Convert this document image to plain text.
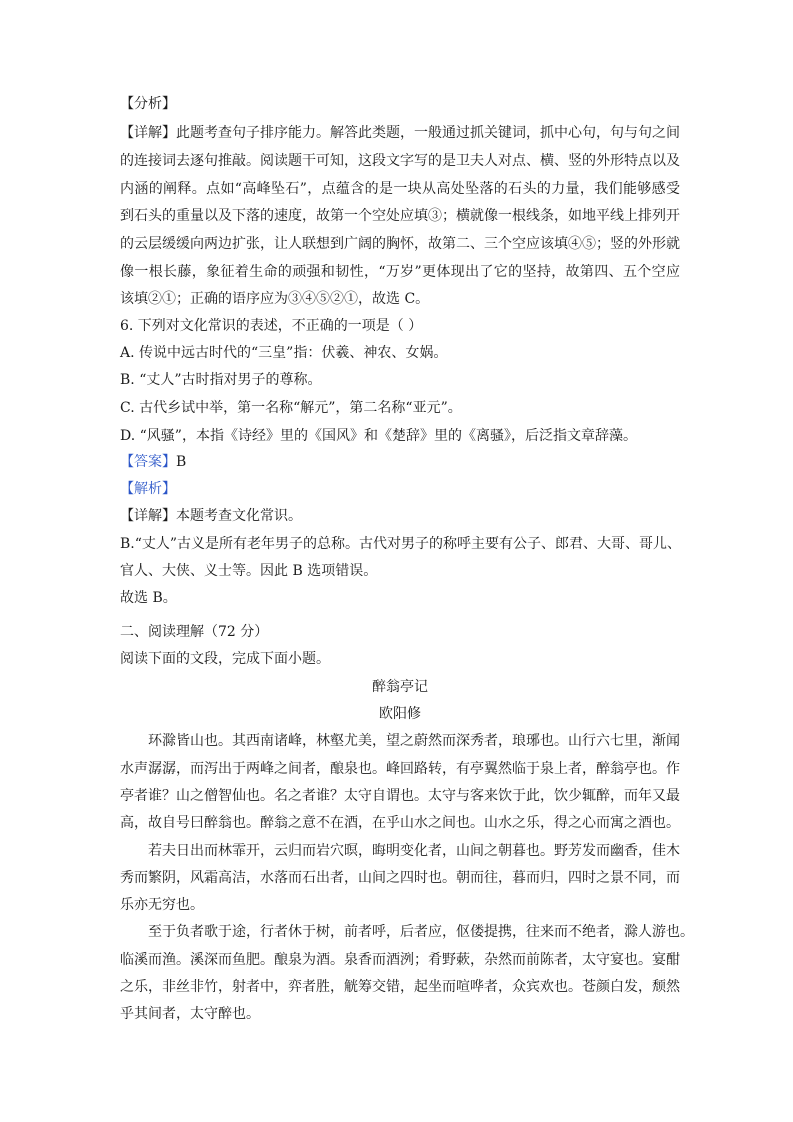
【分析】
【详解】此题考查句子排序能力。解答此类题，一般通过抓关键词，抓中心句，句与句之间
的连接词去逐句推敲。阅读题干可知，这段文字写的是卫夫人对点、横、竖的外形特点以及
内涵的阐释。点如“高峰坠石”，点蕴含的是一块从高处坠落的石头的力量，我们能够感受
到石头的重量以及下落的速度，故第一个空处应填③；横就像一根线条，如地平线上排列开
的云层缓缓向两边扩张，让人联想到广阔的胸怀，故第二、三个空应该填④⑤；竖的外形就
像一根长藤，象征着生命的顽强和韧性，“万岁”更体现出了它的坚持，故第四、五个空应
该填②①；正确的语序应为③④⑤②①，故选 C。
6. 下列对文化常识的表述，不正确的一项是（ ）
A. 传说中远古时代的“三皇”指：伏羲、神农、女娲。
B. “丈人”古时指对男子的尊称。
C. 古代乡试中举，第一名称“解元”，第二名称“亚元”。
D. “风骚”，本指《诗经》里的《国风》和《楚辞》里的《离骚》，后泛指文章辞藻。
【答案】B
【解析】
【详解】本题考查文化常识。
B.“丈人”古义是所有老年男子的总称。古代对男子的称呼主要有公子、郎君、大哥、哥儿、
官人、大侠、义士等。因此 B 选项错误。
故选 B。
二、阅读理解（72 分）
阅读下面的文段，完成下面小题。
醉翁亭记
欧阳修
环滁皆山也。其西南诸峰，林壑尤美，望之蔚然而深秀者，琅琊也。山行六七里，渐闻
水声潺潺，而泻出于两峰之间者，酿泉也。峰回路转，有亭翼然临于泉上者，醉翁亭也。作
亭者谁？山之僧智仙也。名之者谁？太守自谓也。太守与客来饮于此，饮少辄醉，而年又最
高，故自号曰醉翁也。醉翁之意不在酒，在乎山水之间也。山水之乐，得之心而寓之酒也。
若夫日出而林霏开，云归而岩穴暝，晦明变化者，山间之朝暮也。野芳发而幽香，佳木
秀而繁阴，风霜高洁，水落而石出者，山间之四时也。朝而往，暮而归，四时之景不同，而
乐亦无穷也。
至于负者歌于途，行者休于树，前者呼，后者应，伛偻提携，往来而不绝者，滁人游也。
临溪而渔。溪深而鱼肥。酿泉为酒。泉香而酒洌；肴野蔌，杂然而前陈者，太守宴也。宴酣
之乐，非丝非竹，射者中，弈者胜，觥筹交错，起坐而喧哗者，众宾欢也。苍颜白发，颓然
乎其间者，太守醉也。
